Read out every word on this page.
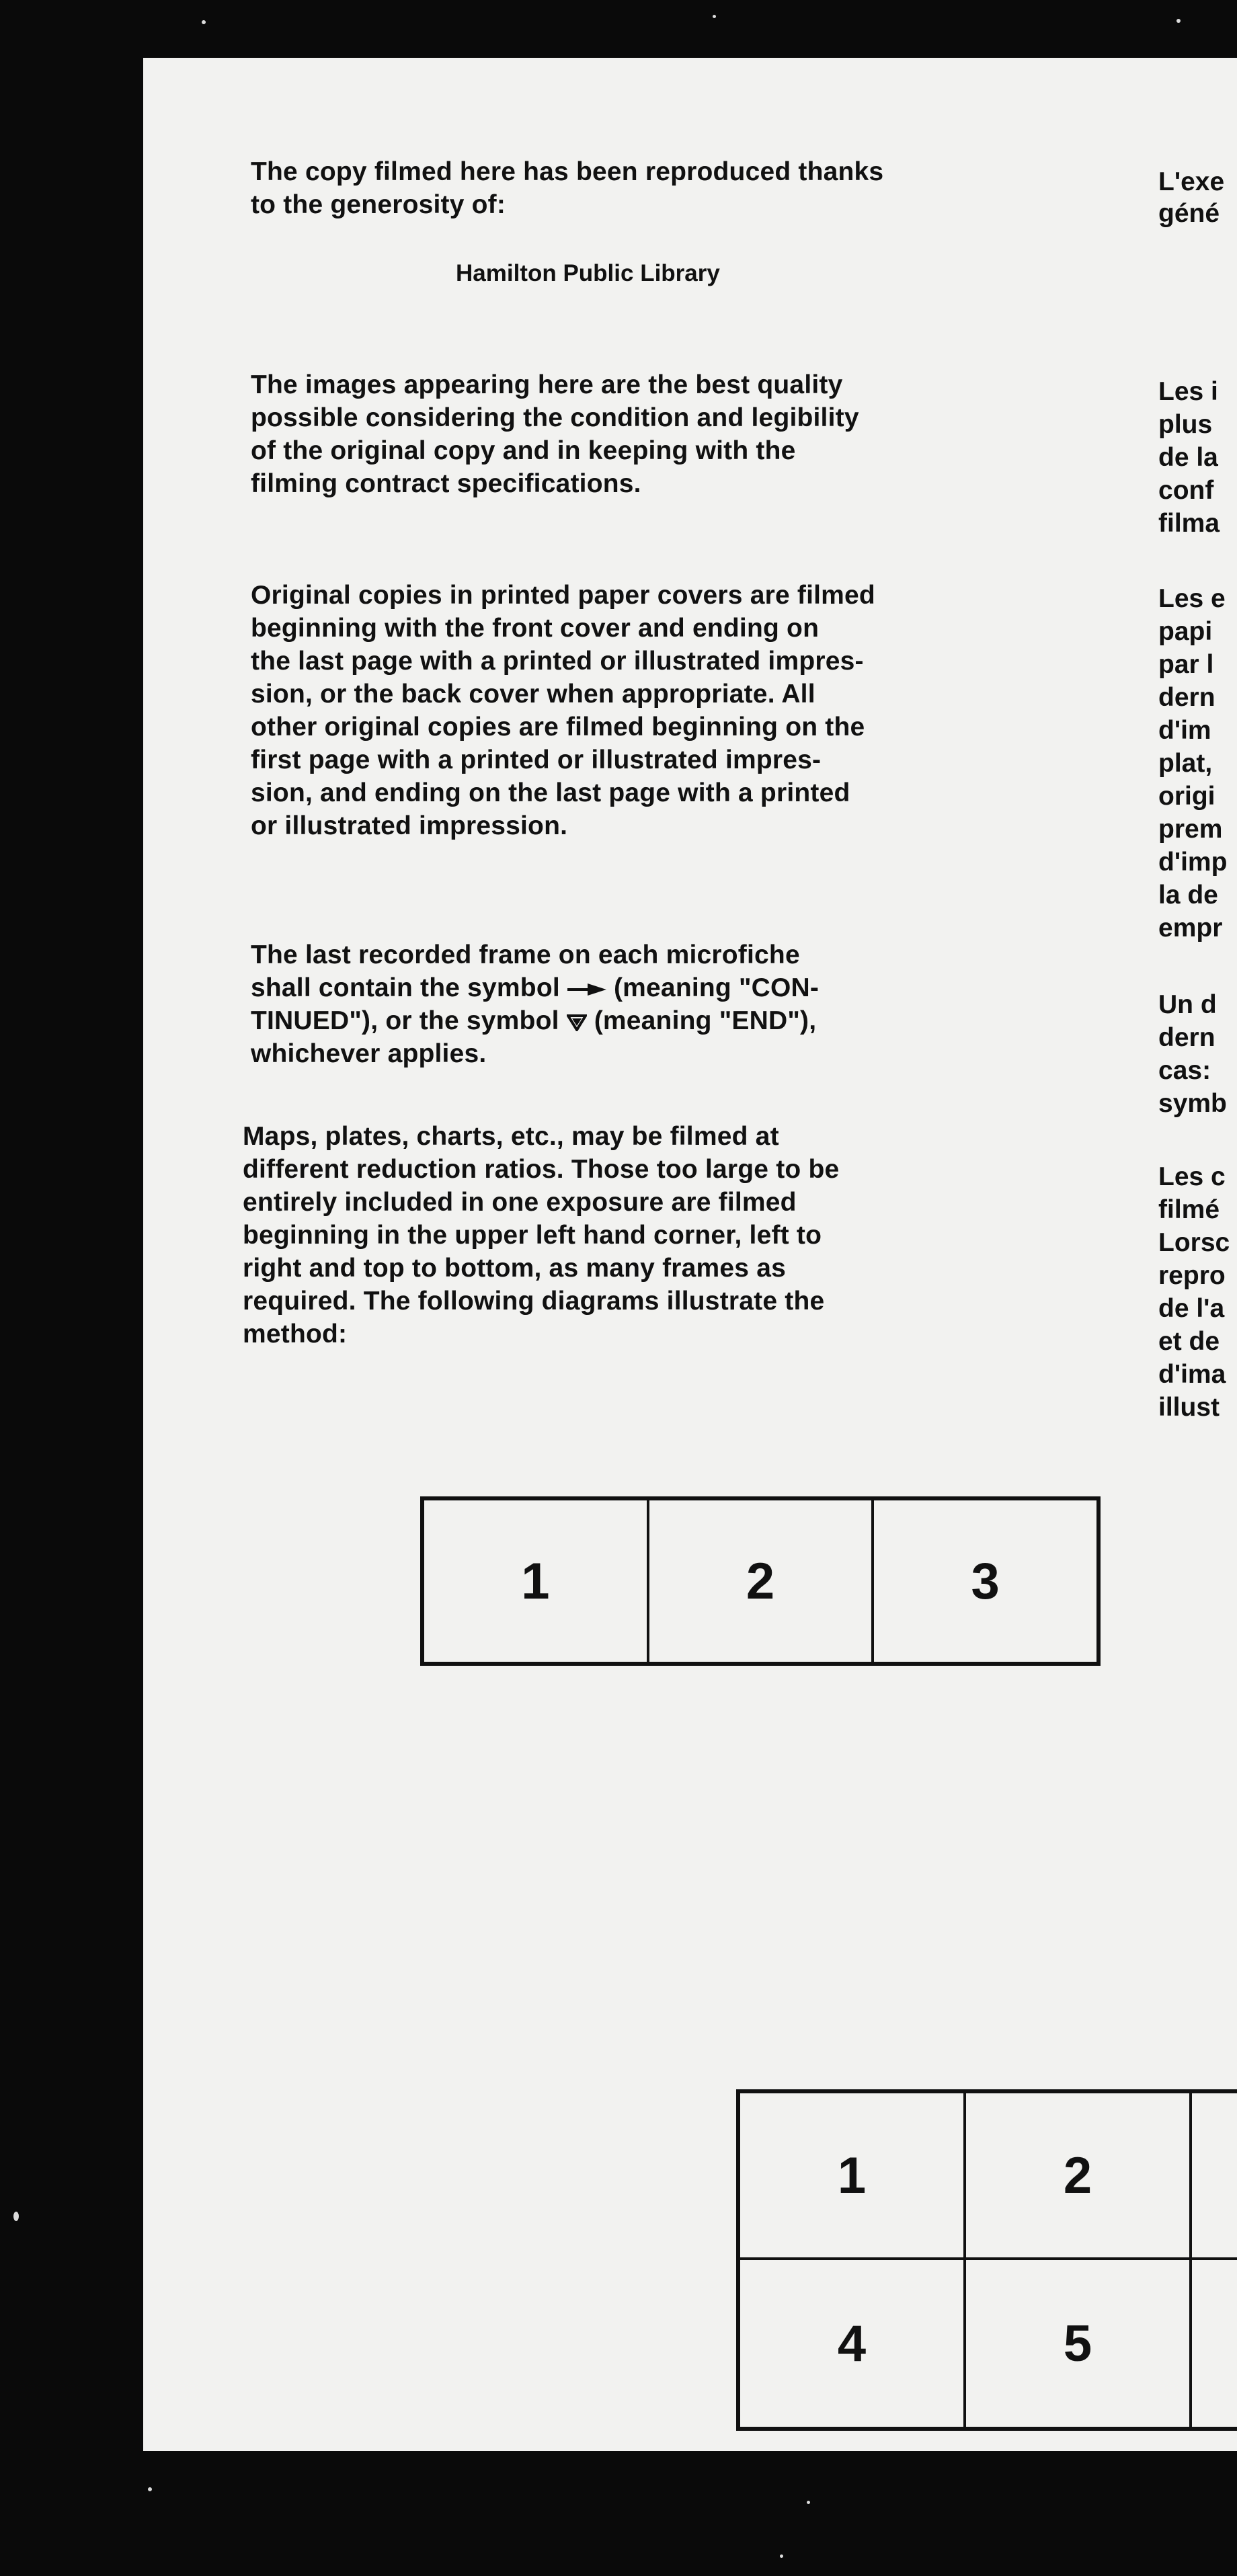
The copy filmed here has been reproduced thanks
to the generosity of:
Hamilton Public Library
The images appearing here are the best quality
possible considering the condition and legibility
of the original copy and in keeping with the
filming contract specifications.
Original copies in printed paper covers are filmed
beginning with the front cover and ending on
the last page with a printed or illustrated impres-
sion, or the back cover when appropriate. All
other original copies are filmed beginning on the
first page with a printed or illustrated impres-
sion, and ending on the last page with a printed
or illustrated impression.
The last recorded frame on each microfiche
shall contain the symbol  (meaning "CON-
TINUED"), or the symbol  (meaning "END"),
whichever applies.
Maps, plates, charts, etc., may be filmed at
different reduction ratios. Those too large to be
entirely included in one exposure are filmed
beginning in the upper left hand corner, left to
right and top to bottom, as many frames as
required. The following diagrams illustrate the
method:
L'exe
géné
Les i
plus
de la
conf
filma
Les e
papi
par l
dern
d'im
plat,
origi
prem
d'imp
la de
empr
Un d
dern
cas:
symb
Les c
filmé
Lorsc
repro
de l'a
et de
d'ima
illust
1	2	3
1	2
4	5
